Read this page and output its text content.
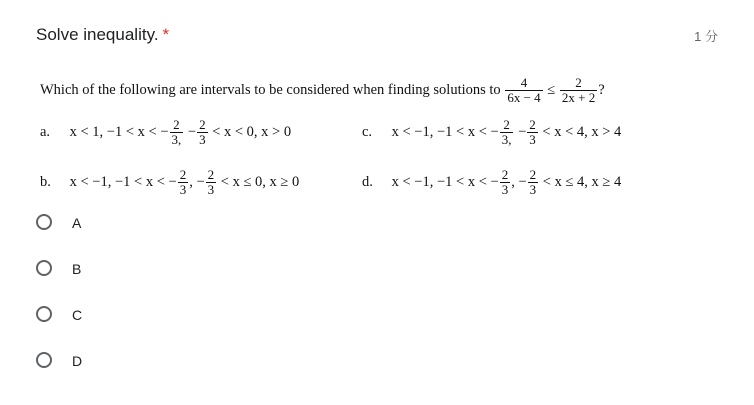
Solve inequality. *	1 分
Which of the following are intervals to be considered when finding solutions to $\frac{4}{6x - 4} \le \frac{2}{2x + 2}$ ?
a. x < 1, −1 < x < − $\frac{2}{3,} - \frac{2}{3} < x < 0$, x > 0	c. x < −1, −1 < x < − $\frac{2}{3,} - \frac{2}{3} < x < 4$, x > 4
b. x < −1, −1 < x < − $\frac{2}{3}$ , − $\frac{2}{3} < x \le 0$, x ≥ 0	d. x < −1, −1 < x < − $\frac{2}{3}$ , − $\frac{2}{3} < x \le 4$, x ≥ 4
A
B
C
D
